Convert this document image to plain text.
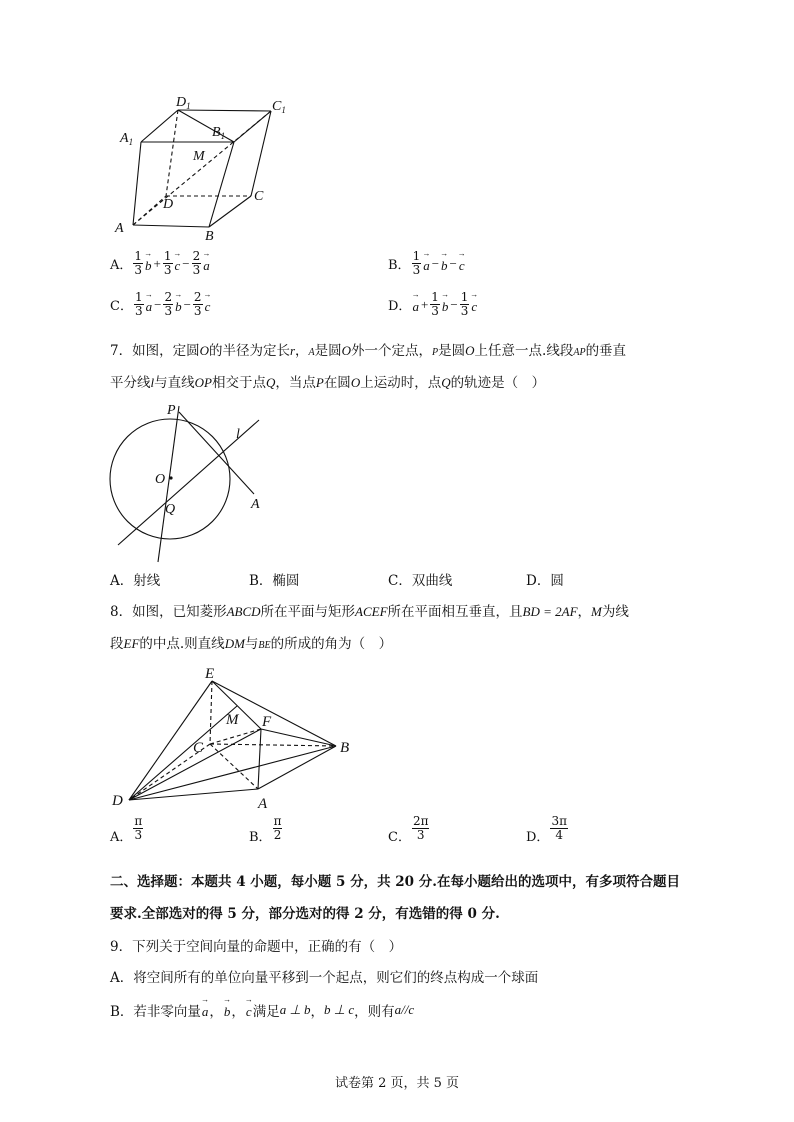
$A_1$
$D_1$
$B_1$
$C_1$
M
D
C
A
B
A． $\frac{1}{3}$
→ $b + \frac{1}{3}$
→ $c - \frac{2}{3}$
→ a	B． $\frac{1}{3}$
→ a −
→ b −
→ c
C． $\frac{1}{3}$
→ $a - \frac{2}{3}$
→ $b - \frac{2}{3}$
→ c	D．
→ $a + \frac{1}{3}$
→ $b - \frac{1}{3}$
→ c
7．如图，定圆O的半径为定长r，A是圆O外一个定点，P是圆O上任意一点.线段AP的垂直
平分线l与直线OP相交于点Q，当点P在圆O上运动时，点Q的轨迹是（　）
P
l
O
Q	A
A．射线	B．椭圆	C．双曲线	D．圆
8．如图，已知菱形ABCD所在平面与矩形ACEF所在平面相互垂直，且BD = 2AF，M为线
段EF的中点.则直线DM与BE的所成的角为（　）
E
M F
C	B
D	A
A． $\frac{\pi}{3}$	B． $\frac{\pi}{2}$	C． $\frac{2\pi}{3}$	D． $\frac{3\pi}{4}$
二、选择题：本题共 4 小题，每小题 5 分，共 20 分.在每小题给出的选项中，有多项符合题目
要求.全部选对的得 5 分，部分选对的得 2 分，有选错的得 0 分.
9．下列关于空间向量的命题中，正确的有（　）
A．将空间所有的单位向量平移到一个起点，则它们的终点构成一个球面
B．若非零向量
→ a ，
→ b ，
→ c 满足 a ⊥ b ， b ⊥ c ，则有 a//c
试卷第 2 页，共 5 页
